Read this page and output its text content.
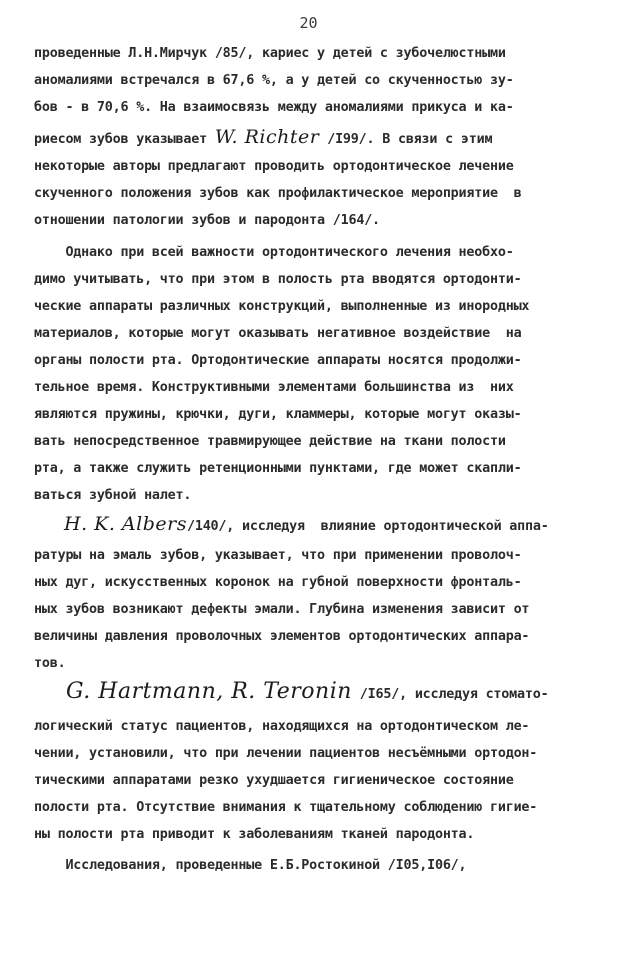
20
проведенные Л.Н.Мирчук /85/, кариес у детей с зубочелюстными
аномалиями встречался в 67,6 %, а у детей со скученностью зу-
бов - в 70,6 %. На взаимосвязь между аномалиями прикуса и ка-
риесом зубов указывает W. Richter /I99/. В связи с этим
некоторые авторы предлагают проводить ортодонтическое лечение
скученного положения зубов как профилактическое мероприятие  в
отношении патологии зубов и пародонта /164/.
Однако при всей важности ортодонтического лечения необхо-
димо учитывать, что при этом в полость рта вводятся ортодонти-
ческие аппараты различных конструкций, выполненные из инородных
материалов, которые могут оказывать негативное воздействие  на
органы полости рта. Ортодонтические аппараты носятся продолжи-
тельное время. Конструктивными элементами большинства из  них
являются пружины, крючки, дуги, кламмеры, которые могут оказы-
вать непосредственное травмирующее действие на ткани полости
рта, а также служить ретенционными пунктами, где может скапли-
ваться зубной налет.
H. K. Albers/140/, исследуя  влияние ортодонтической аппа-
ратуры на эмаль зубов, указывает, что при применении проволоч-
ных дуг, искусственных коронок на губной поверхности фронталь-
ных зубов возникают дефекты эмали. Глубина изменения зависит от
величины давления проволочных элементов ортодонтических аппара-
тов.
G. Hartmann, R. Teronin /I65/, исследуя стомато-
логический статус пациентов, находящихся на ортодонтическом ле-
чении, установили, что при лечении пациентов несъёмными ортодон-
тическими аппаратами резко ухудшается гигиеническое состояние
полости рта. Отсутствие внимания к тщательному соблюдению гигие-
ны полости рта приводит к заболеваниям тканей пародонта.
Исследования, проведенные Е.Б.Ростокиной /I05,I06/,
